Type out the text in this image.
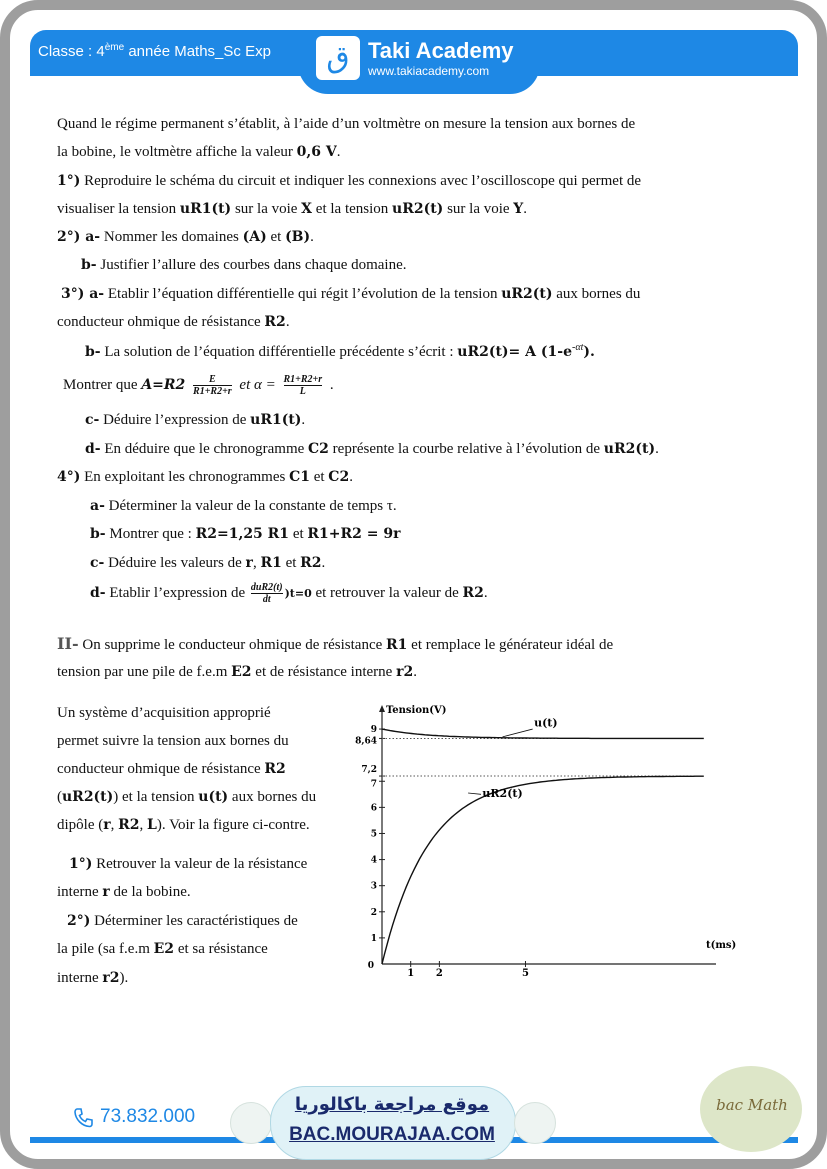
Classe : 4ème année Maths_Sc Exp	ق Taki Academy
www.takiacademy.com
Quand le régime permanent s’établit, à l’aide d’un voltmètre on mesure la tension aux bornes de
la bobine, le voltmètre affiche la valeur 0,6 V.
1°) Reproduire le schéma du circuit et indiquer les connexions avec l’oscilloscope qui permet de
visualiser la tension uR1(t) sur la voie X et la tension uR2(t) sur la voie Y.
2°) a- Nommer les domaines (A) et (B).
b- Justifier l’allure des courbes dans chaque domaine.
3°) a- Etablir l’équation différentielle qui régit l’évolution de la tension uR2(t) aux bornes du
conducteur ohmique de résistance R2.
b- La solution de l’équation différentielle précédente s’écrit : uR2(t)= A $(1-e^{-\alpha t})$.
Montrer que $A=R2 \frac{E}{R1+R2+r}$ et $\alpha = \frac{R1+R2+r}{L}$ .
c- Déduire l’expression de uR1(t).
d- En déduire que le chronogramme C2 représente la courbe relative à l’évolution de uR2(t).
4°) En exploitant les chronogrammes C1 et C2.
a- Déterminer la valeur de la constante de temps τ.
b- Montrer que : R2=1,25 R1 et R1+R2 = 9r
c- Déduire les valeurs de r, R1 et R2.
d- Etablir l’expression de duR2(t)
dt	)t=0 et retrouver la valeur de R2.
II- On supprime le conducteur ohmique de résistance R1 et remplace le générateur idéal de
tension par une pile de f.e.m E2 et de résistance interne r2.
Un système d’acquisition approprié
permet suivre la tension aux bornes du
conducteur ohmique de résistance R2
(uR2(t)) et la tension u(t) aux bornes du
dipôle (r, R2, L). Voir la figure ci-contre.
1°) Retrouver la valeur de la résistance
interne r de la bobine.
2°) Déterminer les caractéristiques de
la pile (sa f.e.m E2 et sa résistance
interne r2).
Tension(V)
t(ms)
9
8,64
7,2
7
6
5
4
3
2
1
0
1 2	5
u(t)
uR2(t)
73.832.000
موقع مراجعة باكالوريا
BAC.MOURAJAA.COM
bac Math
